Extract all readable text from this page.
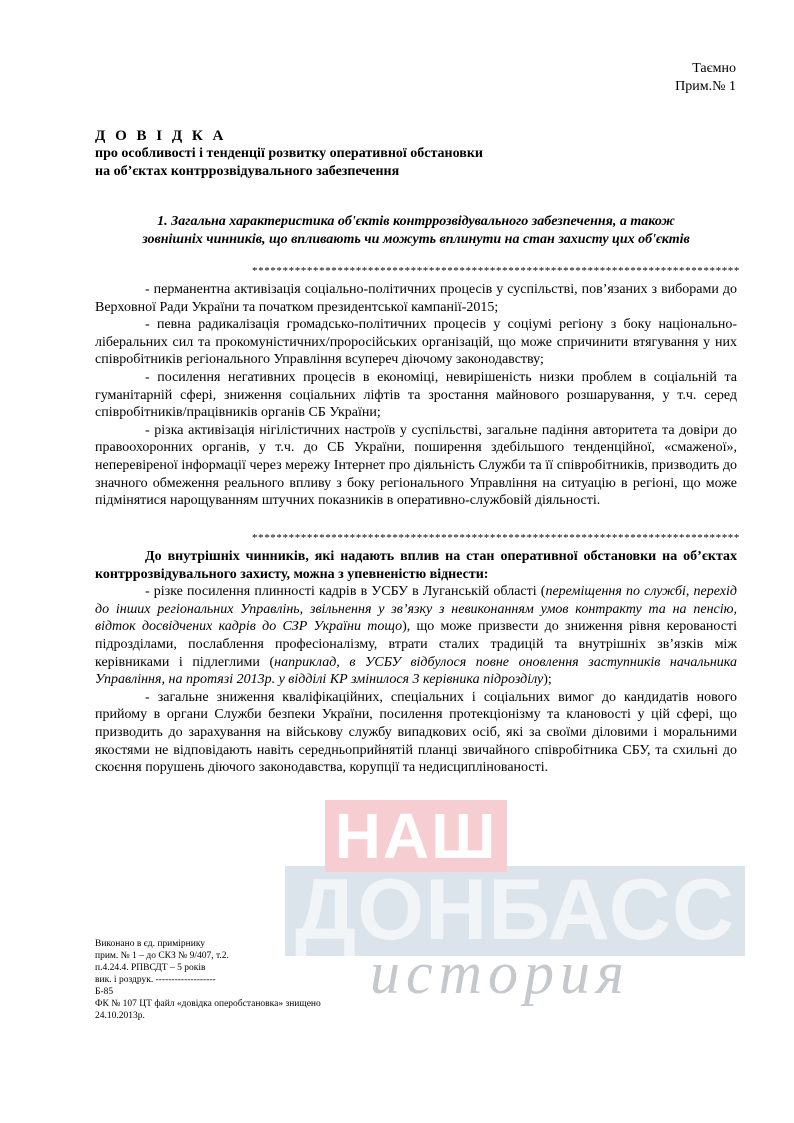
Таємно
Прим.№ 1
Д О В І Д К А
про особливості і тенденції розвитку оперативної обстановки
на об’єктах контррозвідувального забезпечення
1. Загальна характеристика об'єктів контррозвідувального забезпечення, а також
зовнішніх чинників, що впливають чи можуть вплинути на стан захисту цих об'єктів
********************************************************************************

- перманентна активізація соціально-політичних процесів у суспільстві, пов’язаних з виборами до Верховної Ради України та початком президентської кампанії-2015;

- певна радикалізація громадсько-політичних процесів у соціумі регіону з боку національно-ліберальних сил та прокомуністичних/проросійських організацій, що може спричинити втягування у них співробітників регіонального Управління всупереч діючому законодавству;

- посилення негативних процесів в економіці, невирішеність низки проблем в соціальній та гуманітарній сфері, зниження соціальних ліфтів та зростання майнового розшарування, у т.ч. серед співробітників/працівників органів СБ України;

- різка активізація нігілістичних настроїв у суспільстві, загальне падіння авторитета та довіри до правоохоронних органів, у т.ч. до СБ України, поширення здебільшого тенденційної, «смаженої», неперевіреної інформації через мережу Інтернет про діяльність Служби та її співробітників, призводить до значного обмеження реального впливу з боку регіонального Управління на ситуацію в регіоні, що може підмінятися нарощуванням штучних показників в оперативно-службовій діяльності.

********************************************************************************

До внутрішніх чинників, які надають вплив на стан оперативної обстановки на об’єктах контррозвідувального захисту, можна з упевненістю віднести:

- різке посилення плинності кадрів в УСБУ в Луганській області (переміщення по службі, перехід до інших регіональних Управлінь, звільнення у зв’язку з невиконанням умов контракту та на пенсію, відток досвідчених кадрів до СЗР України тощо), що може призвести до зниження рівня керованості підрозділами, послаблення професіоналізму, втрати сталих традицій та внутрішніх зв’язків між керівниками і підлеглими (наприклад, в УСБУ відбулося повне оновлення заступників начальника Управління, на протязі 2013р. у відділі КР змінилося 3 керівника підрозділу);

- загальне зниження кваліфікаційних, спеціальних і соціальних вимог до кандидатів нового прийому в органи Служби безпеки України, посилення протекціонізму та клановості у цій сфері, що призводить до зарахування на військову службу випадкових осіб, які за своїми діловими і моральними якостями не відповідають навіть середньоприйнятій планці звичайного співробітника СБУ, та схильні до скоєння порушень діючого законодавства, корупції та недисциплінованості.

НАШ
ДОНБАСС
история
Виконано в єд. примірнику
прим. № 1 – до СКЗ № 9/407, т.2.
п.4.24.4. РПВСДТ – 5 років
вик. і роздрук. -------------------
Б-85
ФК № 107 ЦТ файл «довідка оперобстановка» знищено
24.10.2013р.
